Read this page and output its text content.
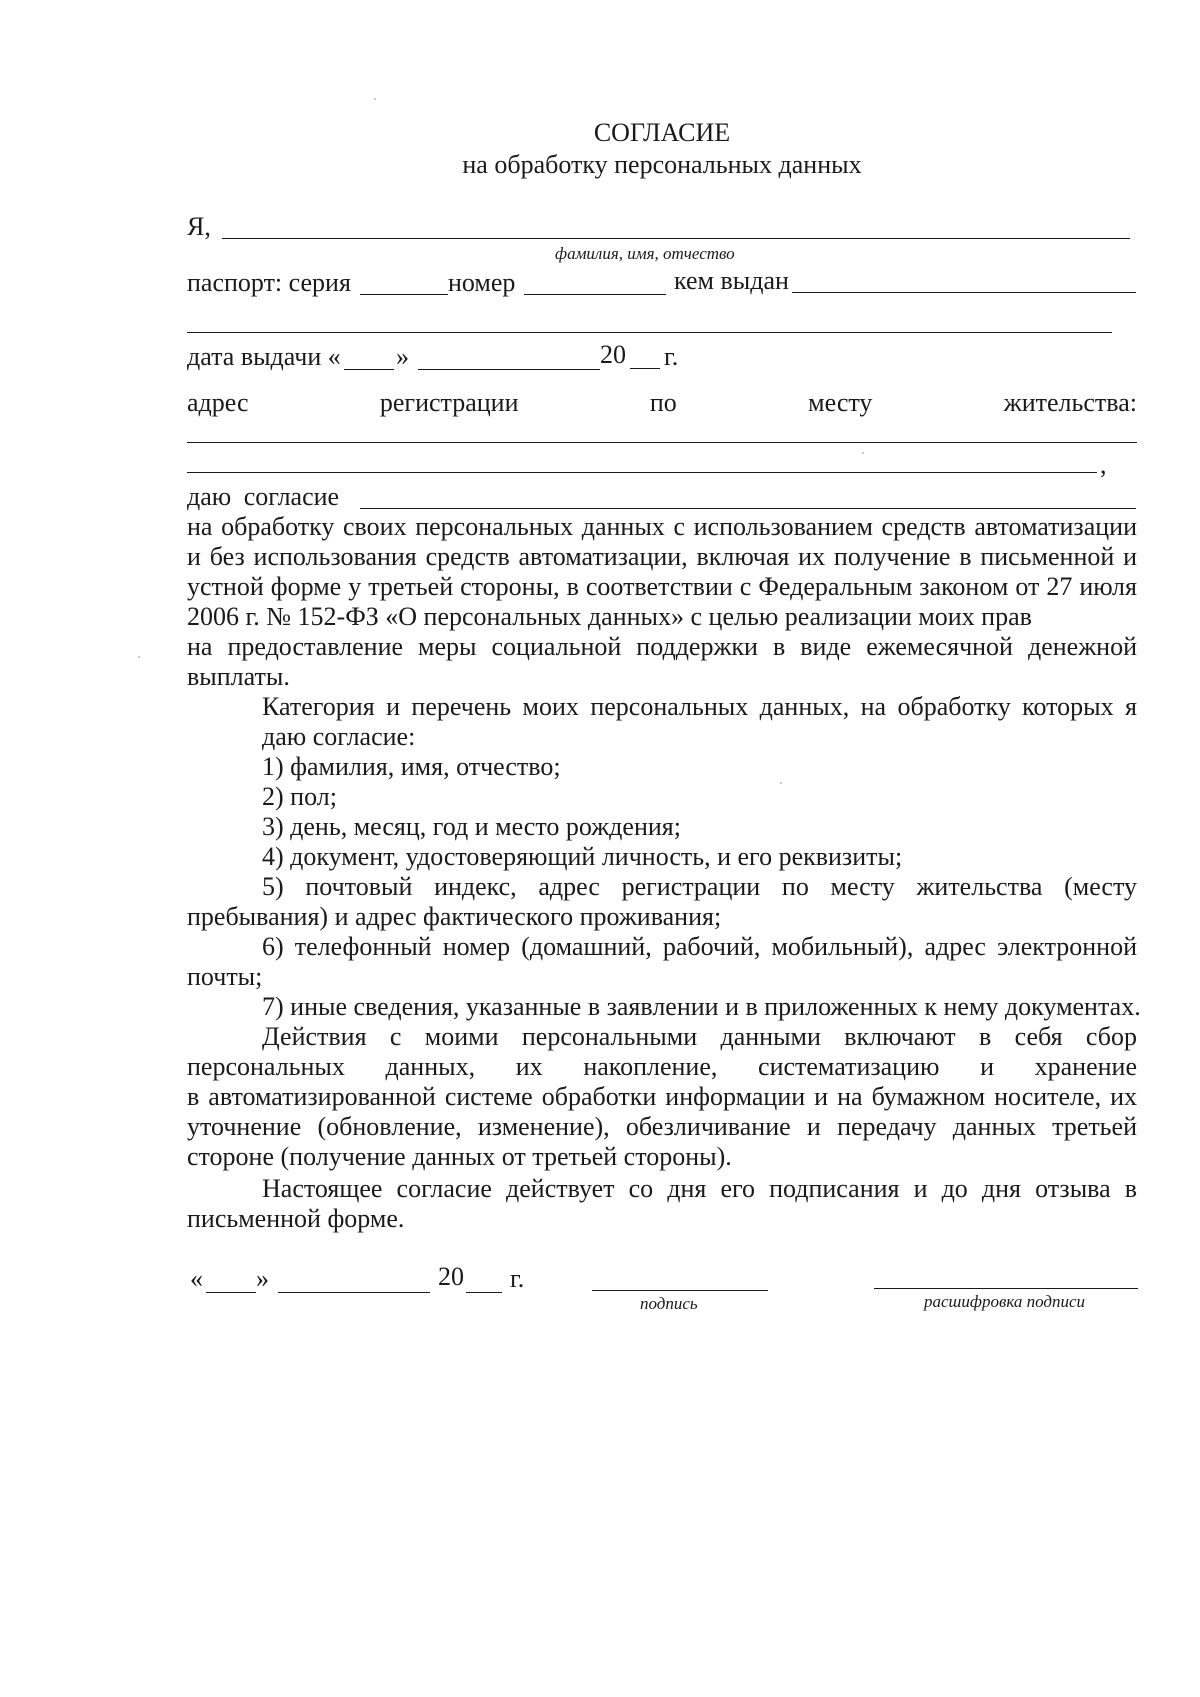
СОГЛАСИЕ
на обработку персональных данных
Я,
фамилия, имя, отчество
паспорт: серия	номер	кем выдан
дата выдачи « »	20 г.
адрес	регистрации	по	месту	жительства:
,
даю согласие
на обработку своих персональных данных с использованием средств автоматизации
и без использования средств автоматизации, включая их получение в письменной и
устной форме у третьей стороны, в соответствии с Федеральным законом от 27 июля
2006 г. № 152-ФЗ «О персональных данных» с целью реализации моих прав
на предоставление меры социальной поддержки в виде ежемесячной денежной
выплаты.
Категория и перечень моих персональных данных, на обработку которых я
даю согласие:
1) фамилия, имя, отчество;
2) пол;
3) день, месяц, год и место рождения;
4) документ, удостоверяющий личность, и его реквизиты;
5) почтовый индекс, адрес регистрации по месту жительства (месту
пребывания) и адрес фактического проживания;
6) телефонный номер (домашний, рабочий, мобильный), адрес электронной
почты;
7) иные сведения, указанные в заявлении и в приложенных к нему документах.
Действия с моими персональными данными включают в себя сбор
персональных данных, их накопление, систематизацию и хранение
в автоматизированной системе обработки информации и на бумажном носителе, их
уточнение (обновление, изменение), обезличивание и передачу данных третьей
стороне (получение данных от третьей стороны).
Настоящее согласие действует со дня его подписания и до дня отзыва в
письменной форме.
« »	20 г.
подпись	расшифровка подписи
